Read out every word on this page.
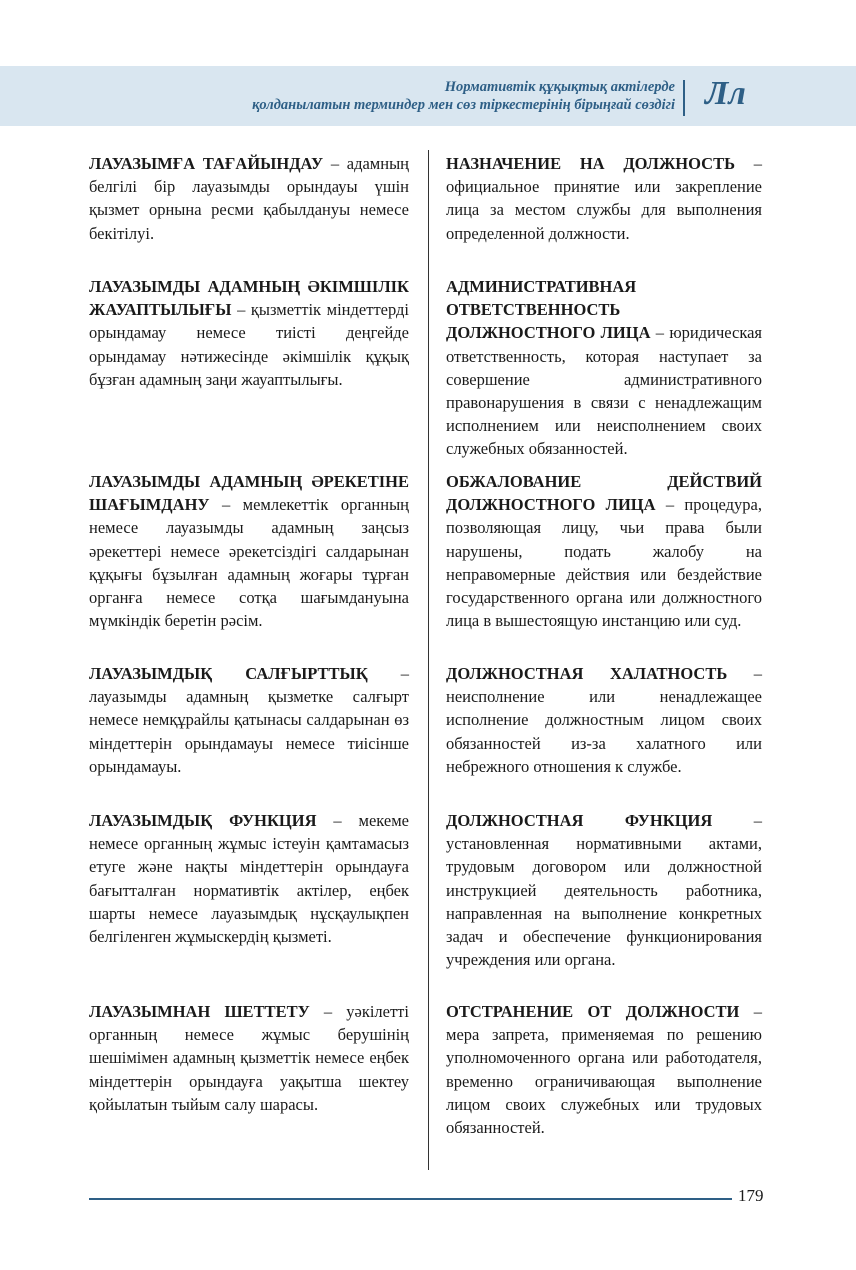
Нормативтік құқықтық актілерде
қолданылатын терминдер мен сөз тіркестерінің бірыңғай сөздігі Лл
ЛАУАЗЫМҒА ТАҒАЙЫНДАУ – адамның белгілі бір лауазымды орындауы үшін қызмет орнына ресми қабылдануы немесе бекітілуі.
ЛАУАЗЫМДЫ АДАМНЫҢ ӘКІМШІЛІК ЖАУАПТЫЛЫҒЫ – қызметтік міндеттерді орындамау немесе тиісті деңгейде орындамау нәтижесінде әкімшілік құқық бұзған адамның заңи жауаптылығы.
ЛАУАЗЫМДЫ АДАМНЫҢ ӘРЕКЕТІНЕ ШАҒЫМДАНУ – мемлекеттік органның немесе лауазымды адамның заңсыз әрекеттері немесе әрекетсіздігі салдарынан құқығы бұзылған адамның жоғары тұрған органға немесе сотқа шағымдануына мүмкіндік беретін рәсім.
ЛАУАЗЫМДЫҚ САЛҒЫРТТЫҚ – лауазымды адамның қызметке салғырт немесе немқұрайлы қатынасы салдарынан өз міндеттерін орындамауы немесе тиісінше орындамауы.
ЛАУАЗЫМДЫҚ ФУНКЦИЯ – мекеме немесе органның жұмыс істеуін қамтамасыз етуге және нақты міндеттерін орындауға бағытталған нормативтік актілер, еңбек шарты немесе лауазымдық нұсқаулықпен белгіленген жұмыскердің қызметі.
ЛАУАЗЫМНАН ШЕТТЕТУ – уәкілетті органның немесе жұмыс берушінің шешімімен адамның қызметтік немесе еңбек міндеттерін орындауға уақытша шектеу қойылатын тыйым салу шарасы.
НАЗНАЧЕНИЕ НА ДОЛЖНОСТЬ – официальное принятие или закрепление лица за местом службы для выполнения определенной должности.
АДМИНИСТРАТИВНАЯ ОТВЕТСТВЕННОСТЬ ДОЛЖНОСТНОГО ЛИЦА – юридическая ответственность, которая наступает за совершение административного правонарушения в связи с ненадлежащим исполнением или неисполнением своих служебных обязанностей.
ОБЖАЛОВАНИЕ ДЕЙСТВИЙ ДОЛЖНОСТНОГО ЛИЦА – процедура, позволяющая лицу, чьи права были нарушены, подать жалобу на неправомерные действия или бездействие государственного органа или должностного лица в вышестоящую инстанцию или суд.
ДОЛЖНОСТНАЯ ХАЛАТНОСТЬ – неисполнение или ненадлежащее исполнение должностным лицом своих обязанностей из-за халатного или небрежного отношения к службе.
ДОЛЖНОСТНАЯ ФУНКЦИЯ – установленная нормативными актами, трудовым договором или должностной инструкцией деятельность работника, направленная на выполнение конкретных задач и обеспечение функционирования учреждения или органа.
ОТСТРАНЕНИЕ ОТ ДОЛЖНОСТИ – мера запрета, применяемая по решению уполномоченного органа или работодателя, временно ограничивающая выполнение лицом своих служебных или трудовых обязанностей.
179
